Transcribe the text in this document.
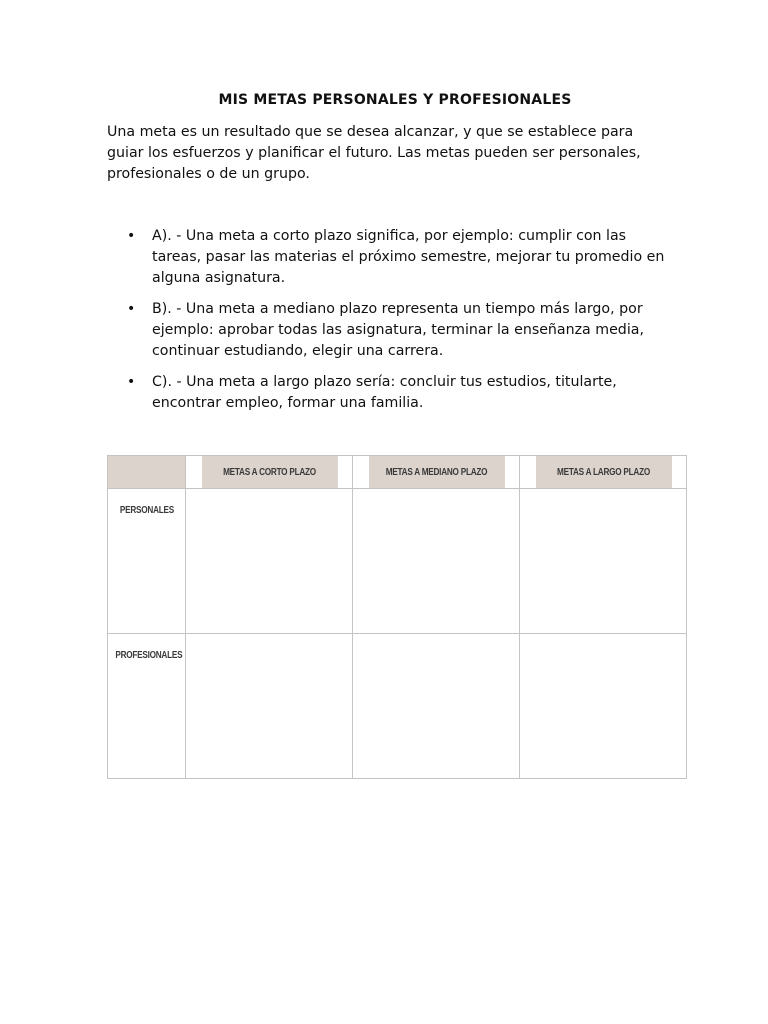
MIS METAS PERSONALES Y PROFESIONALES

Una meta es un resultado que se desea alcanzar, y que se establece para guiar los esfuerzos y planificar el futuro. Las metas pueden ser personales, profesionales o de un grupo.

• A). - Una meta a corto plazo significa, por ejemplo: cumplir con las tareas, pasar las materias el próximo semestre, mejorar tu promedio en alguna asignatura.
• B). - Una meta a mediano plazo representa un tiempo más largo, por ejemplo: aprobar todas las asignatura, terminar la enseñanza media, continuar estudiando, elegir una carrera.
• C). - Una meta a largo plazo sería: concluir tus estudios, titularte, encontrar empleo, formar una familia.
	METAS A CORTO PLAZO	METAS A MEDIANO PLAZO	METAS A LARGO PLAZO
PERSONALES			
PROFESIONALES			
